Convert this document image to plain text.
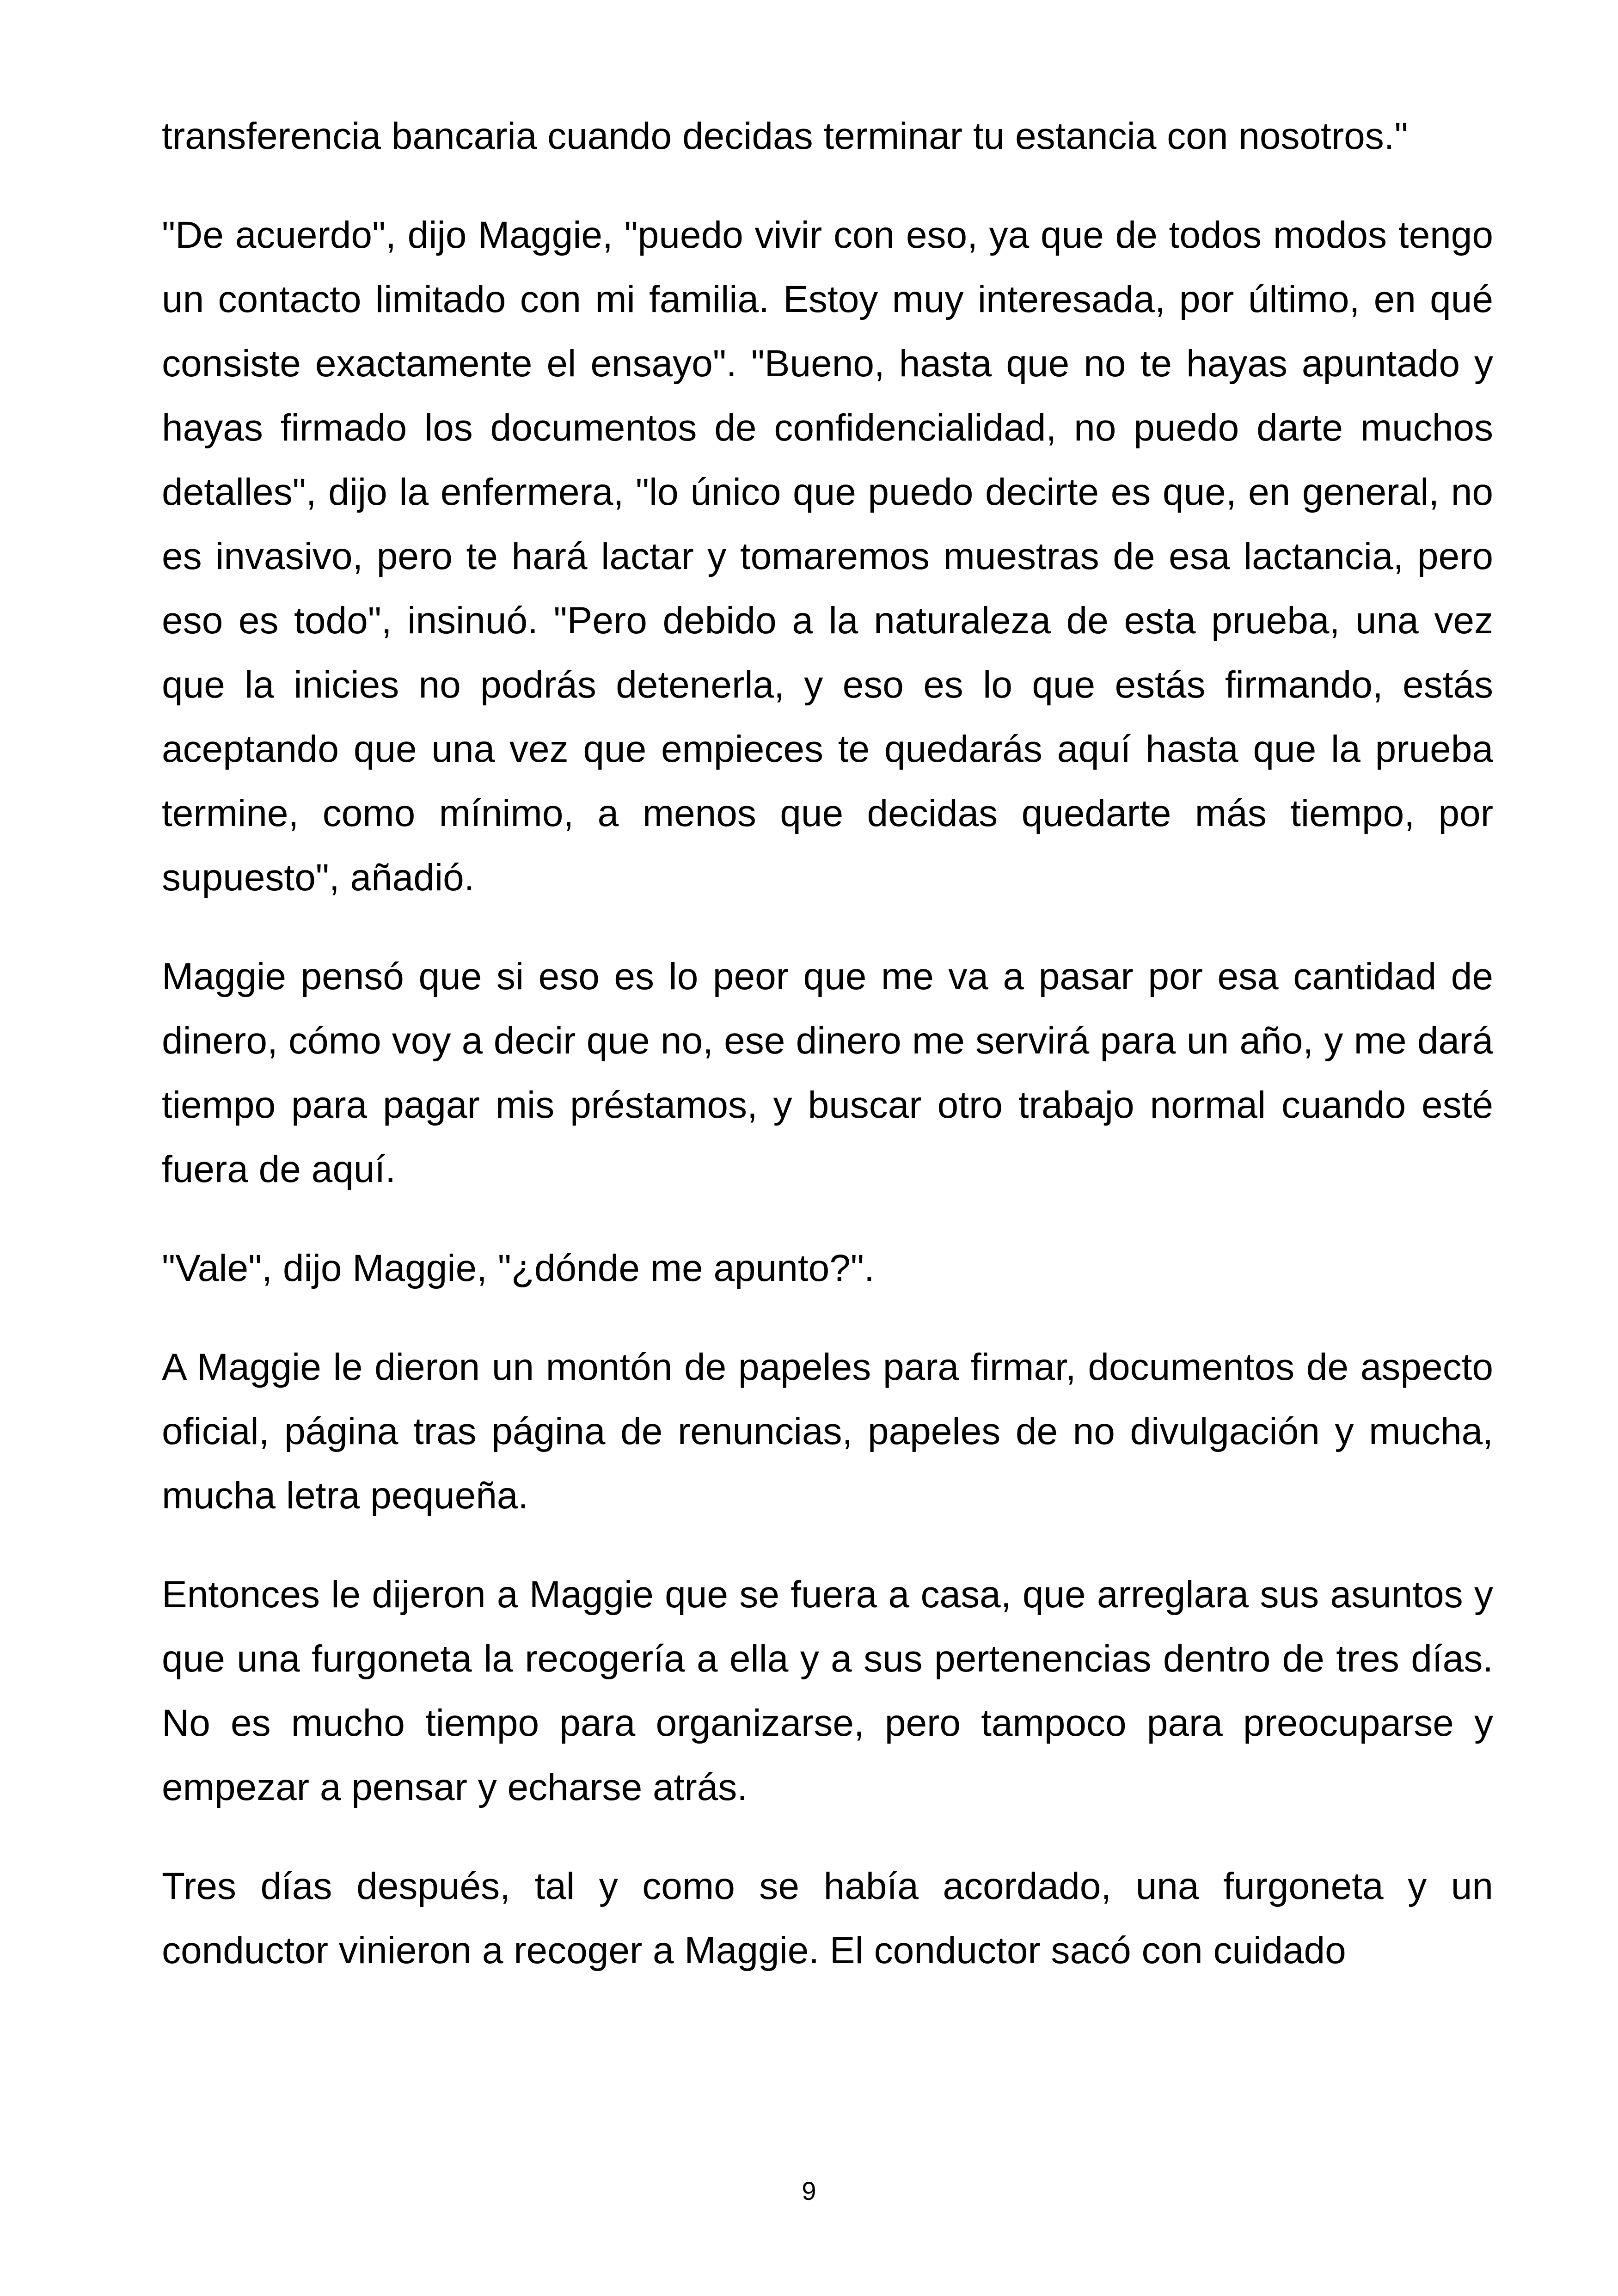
transferencia bancaria cuando decidas terminar tu estancia con nosotros."

"De acuerdo", dijo Maggie, "puedo vivir con eso, ya que de todos modos tengo un contacto limitado con mi familia. Estoy muy interesada, por último, en qué consiste exactamente el ensayo". "Bueno, hasta que no te hayas apuntado y hayas firmado los documentos de confidencialidad, no puedo darte muchos detalles", dijo la enfermera, "lo único que puedo decirte es que, en general, no es invasivo, pero te hará lactar y tomaremos muestras de esa lactancia, pero eso es todo", insinuó. "Pero debido a la naturaleza de esta prueba, una vez que la inicies no podrás detenerla, y eso es lo que estás firmando, estás aceptando que una vez que empieces te quedarás aquí hasta que la prueba termine, como mínimo, a menos que decidas quedarte más tiempo, por supuesto", añadió.

Maggie pensó que si eso es lo peor que me va a pasar por esa cantidad de dinero, cómo voy a decir que no, ese dinero me servirá para un año, y me dará tiempo para pagar mis préstamos, y buscar otro trabajo normal cuando esté fuera de aquí.

"Vale", dijo Maggie, "¿dónde me apunto?".

A Maggie le dieron un montón de papeles para firmar, documentos de aspecto oficial, página tras página de renuncias, papeles de no divulgación y mucha, mucha letra pequeña.

Entonces le dijeron a Maggie que se fuera a casa, que arreglara sus asuntos y que una furgoneta la recogería a ella y a sus pertenencias dentro de tres días. No es mucho tiempo para organizarse, pero tampoco para preocuparse y empezar a pensar y echarse atrás.

Tres días después, tal y como se había acordado, una furgoneta y un conductor vinieron a recoger a Maggie. El conductor sacó con cuidado

9
